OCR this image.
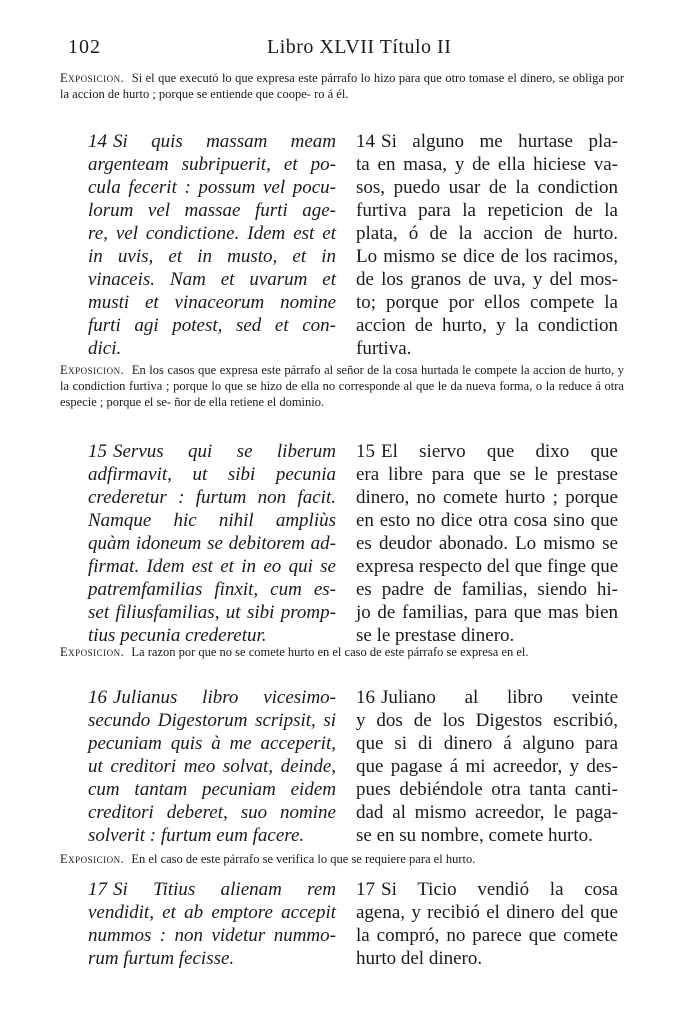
102	Libro XLVII Título II
Exposicion. Si el que executó lo que expresa este párrafo lo hizo para que otro tomase el dinero, se obliga por la accion de hurto ; porque se entiende que coope- ro á él.
14 Si quis massam meam
argenteam subripuerit, et po-
cula fecerit : possum vel pocu-
lorum vel massae furti age-
re, vel condictione. Idem est et
in uvis, et in musto, et in
vinaceis. Nam et uvarum et
musti et vinaceorum nomine
furti agi potest, sed et con-
dici.
14 Si alguno me hurtase pla-
ta en masa, y de ella hiciese va-
sos, puedo usar de la condiction
furtiva para la repeticion de la
plata, ó de la accion de hurto.
Lo mismo se dice de los racimos,
de los granos de uva, y del mos-
to; porque por ellos compete la
accion de hurto, y la condiction
furtiva.
Exposicion. En los casos que expresa este párrafo al señor de la cosa hurtada le compete la accion de hurto, y la condiction furtiva ; porque lo que se hizo de ella no corresponde al que le da nueva forma, o la reduce á otra especie ; porque el se- ñor de ella retiene el dominio.
15 Servus qui se liberum
adfirmavit, ut sibi pecunia
crederetur : furtum non facit.
Namque hic nihil ampliùs
quàm idoneum se debitorem ad-
firmat. Idem est et in eo qui se
patremfamilias finxit, cum es-
set filiusfamilias, ut sibi promp-
tius pecunia crederetur.
15 El siervo que dixo que
era libre para que se le prestase
dinero, no comete hurto ; porque
en esto no dice otra cosa sino que
es deudor abonado. Lo mismo se
expresa respecto del que finge que
es padre de familias, siendo hi-
jo de familias, para que mas bien
se le prestase dinero.
Exposicion. La razon por que no se comete hurto en el caso de este párrafo se expresa en el.
16 Julianus libro vicesimo-
secundo Digestorum scripsit, si
pecuniam quis à me acceperit,
ut creditori meo solvat, deinde,
cum tantam pecuniam eidem
creditori deberet, suo nomine
solverit : furtum eum facere.
16 Juliano al libro veinte
y dos de los Digestos escribió,
que si di dinero á alguno para
que pagase á mi acreedor, y des-
pues debiéndole otra tanta canti-
dad al mismo acreedor, le paga-
se en su nombre, comete hurto.
Exposicion. En el caso de este párrafo se verifica lo que se requiere para el hurto.
17 Si Titius alienam rem
vendidit, et ab emptore accepit
nummos : non videtur nummo-
rum furtum fecisse.
17 Si Ticio vendió la cosa
agena, y recibió el dinero del que
la compró, no parece que comete
hurto del dinero.
